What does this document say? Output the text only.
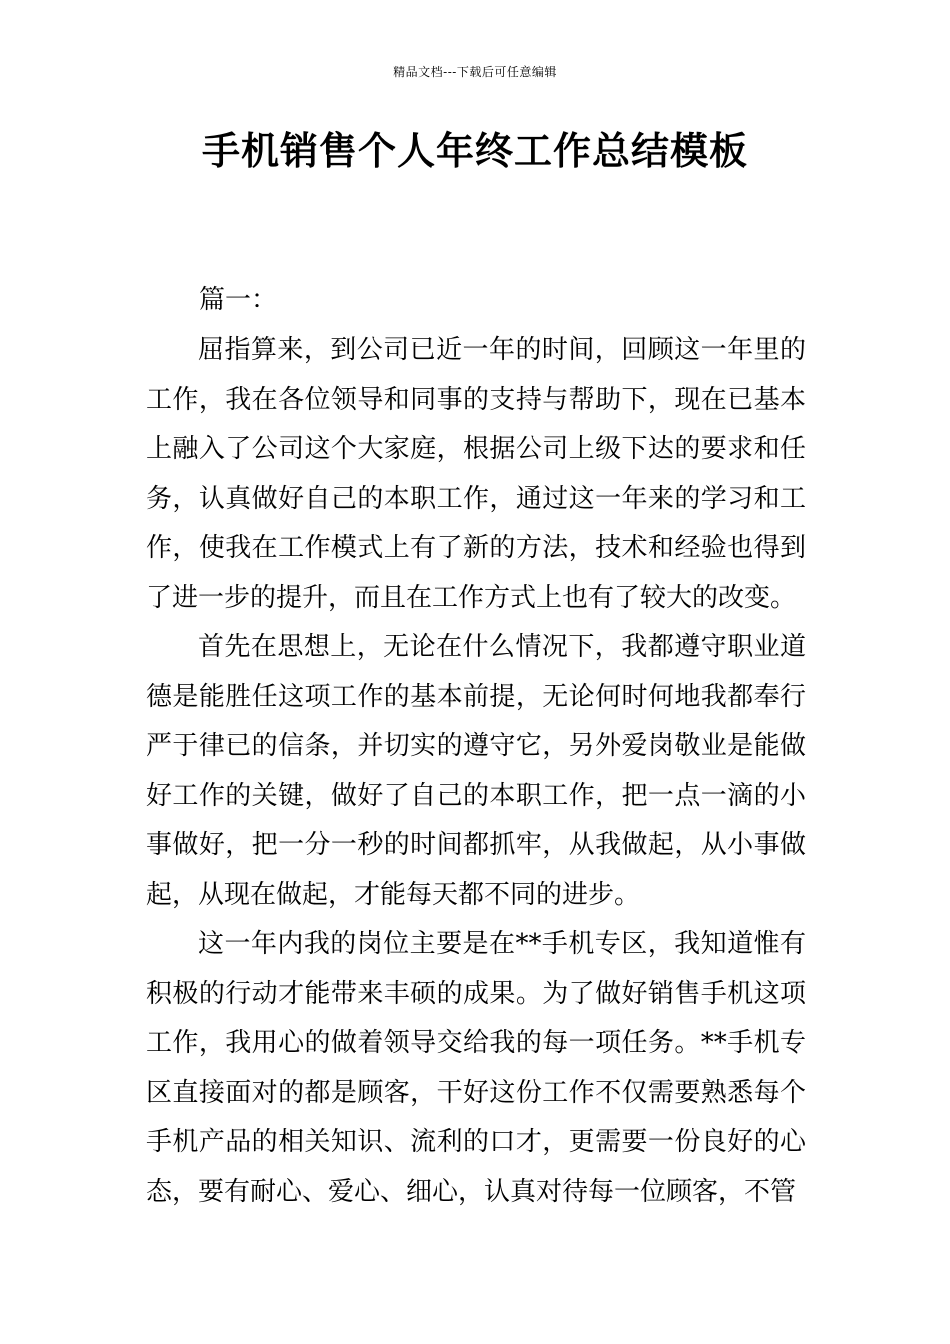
精品文档---下载后可任意编辑
手机销售个人年终工作总结模板
篇一：

屈指算来，到公司已近一年的时间，回顾这一年里的工作，我在各位领导和同事的支持与帮助下，现在已基本上融入了公司这个大家庭，根据公司上级下达的要求和任务，认真做好自己的本职工作，通过这一年来的学习和工作，使我在工作模式上有了新的方法，技术和经验也得到了进一步的提升，而且在工作方式上也有了较大的改变。

首先在思想上，无论在什么情况下，我都遵守职业道德是能胜任这项工作的基本前提，无论何时何地我都奉行严于律已的信条，并切实的遵守它，另外爱岗敬业是能做好工作的关键，做好了自己的本职工作，把一点一滴的小事做好，把一分一秒的时间都抓牢，从我做起，从小事做起，从现在做起，才能每天都不同的进步。

这一年内我的岗位主要是在**手机专区，我知道惟有积极的行动才能带来丰硕的成果。为了做好销售手机这项工作，我用心的做着领导交给我的每一项任务。**手机专区直接面对的都是顾客，干好这份工作不仅需要熟悉每个手机产品的相关知识、流利的口才，更需要一份良好的心态，要有耐心、爱心、细心，认真对待每一位顾客，不管
